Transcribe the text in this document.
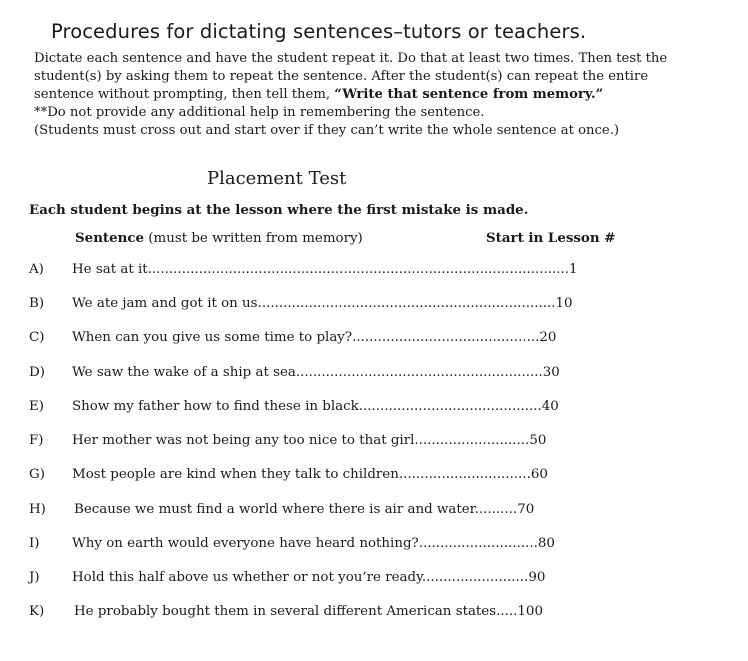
Procedures for dictating sentences–tutors or teachers.
Dictate each sentence and have the student repeat it. Do that at least two times. Then test the
student(s) by asking them to repeat the sentence. After the student(s) can repeat the entire
sentence without prompting, then tell them, “Write that sentence from memory.”
**Do not provide any additional help in remembering the sentence.
(Students must cross out and start over if they can’t write the whole sentence at once.)
Placement Test
Each student begins at the lesson where the first mistake is made.
Sentence (must be written from memory)	Start in Lesson #
A) He sat at it...................................................................................................1
B) We ate jam and got it on us......................................................................10
C) When can you give us some time to play?............................................20
D) We saw the wake of a ship at sea..........................................................30
E) Show my father how to find these in black...........................................40
F) Her mother was not being any too nice to that girl...........................50
G) Most people are kind when they talk to children...............................60
H) Because we must find a world where there is air and water..........70
I) Why on earth would everyone have heard nothing?............................80
J) Hold this half above us whether or not you’re ready.........................90
K) He probably bought them in several different American states.....100
